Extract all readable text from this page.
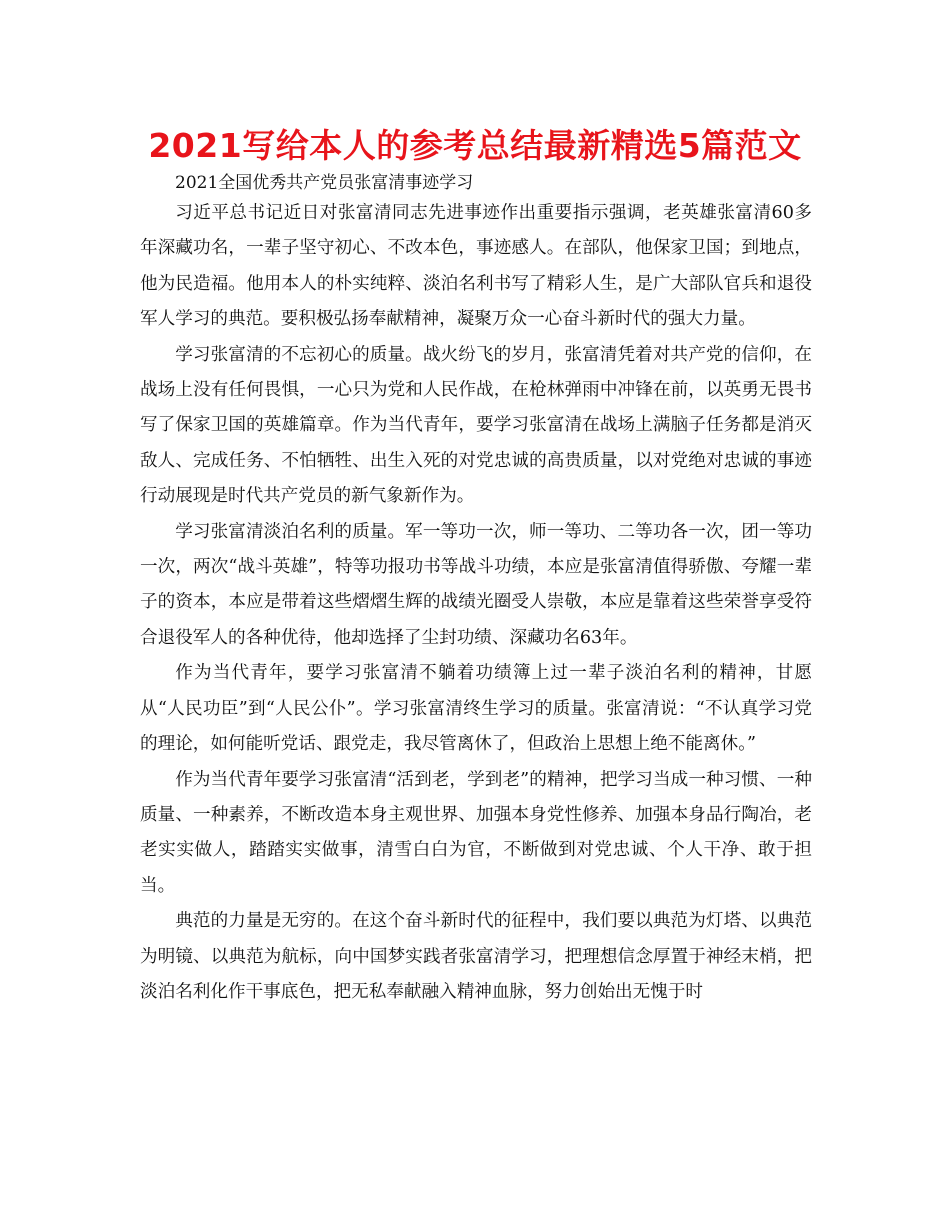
2021写给本人的参考总结最新精选5篇范文
2021全国优秀共产党员张富清事迹学习

习近平总书记近日对张富清同志先进事迹作出重要指示强调，老英雄张富清60多年深藏功名，一辈子坚守初心、不改本色，事迹感人。在部队，他保家卫国；到地点，他为民造福。他用本人的朴实纯粹、淡泊名利书写了精彩人生，是广大部队官兵和退役军人学习的典范。要积极弘扬奉献精神，凝聚万众一心奋斗新时代的强大力量。

学习张富清的不忘初心的质量。战火纷飞的岁月，张富清凭着对共产党的信仰，在战场上没有任何畏惧，一心只为党和人民作战，在枪林弹雨中冲锋在前，以英勇无畏书写了保家卫国的英雄篇章。作为当代青年，要学习张富清在战场上满脑子任务都是消灭敌人、完成任务、不怕牺牲、出生入死的对党忠诚的高贵质量，以对党绝对忠诚的事迹行动展现是时代共产党员的新气象新作为。

学习张富清淡泊名利的质量。军一等功一次，师一等功、二等功各一次，团一等功一次，两次“战斗英雄”，特等功报功书等战斗功绩，本应是张富清值得骄傲、夸耀一辈子的资本，本应是带着这些熠熠生辉的战绩光圈受人崇敬，本应是靠着这些荣誉享受符合退役军人的各种优待，他却选择了尘封功绩、深藏功名63年。

作为当代青年，要学习张富清不躺着功绩簿上过一辈子淡泊名利的精神，甘愿从“人民功臣”到“人民公仆”。学习张富清终生学习的质量。张富清说：“不认真学习党的理论，如何能听党话、跟党走，我尽管离休了，但政治上思想上绝不能离休。”

作为当代青年要学习张富清“活到老，学到老”的精神，把学习当成一种习惯、一种质量、一种素养，不断改造本身主观世界、加强本身党性修养、加强本身品行陶冶，老老实实做人，踏踏实实做事，清雪白白为官，不断做到对党忠诚、个人干净、敢于担当。

典范的力量是无穷的。在这个奋斗新时代的征程中，我们要以典范为灯塔、以典范为明镜、以典范为航标，向中国梦实践者张富清学习，把理想信念厚置于神经末梢，把淡泊名利化作干事底色，把无私奉献融入精神血脉，努力创始出无愧于时
